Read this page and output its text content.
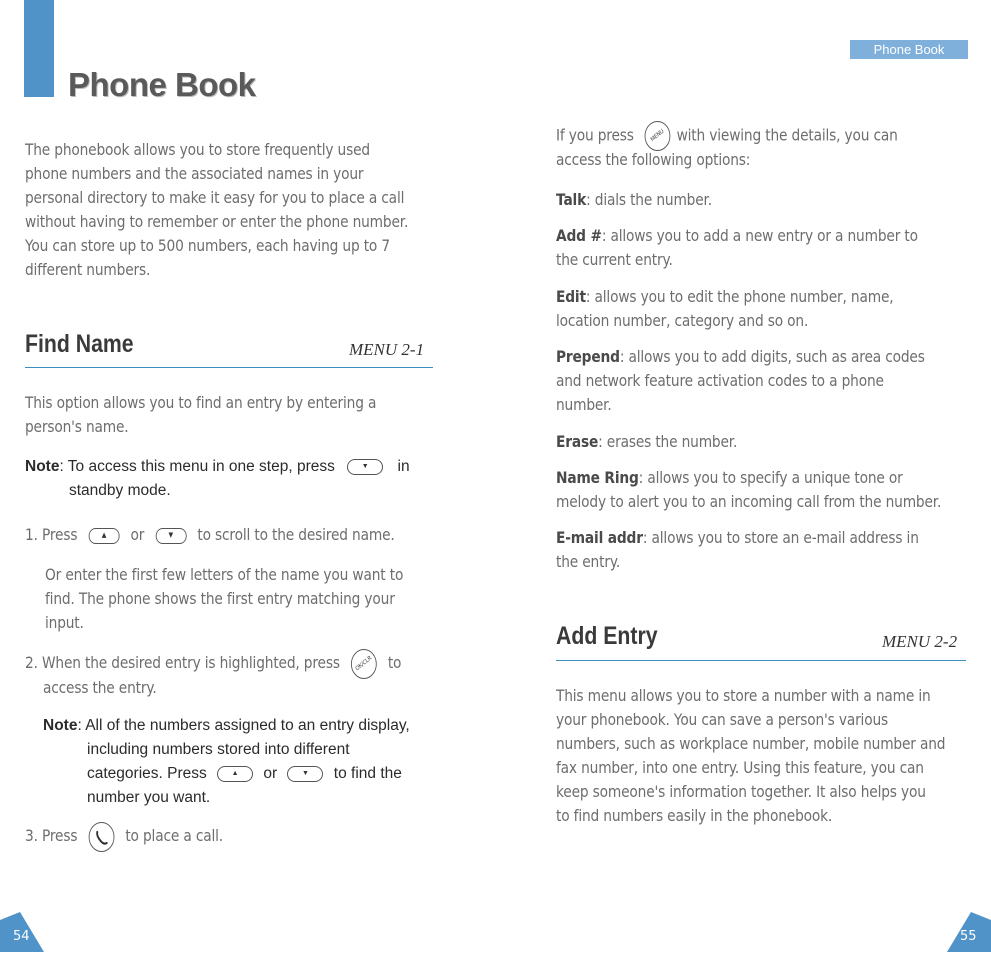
Phone Book
The phonebook allows you to store frequently used
phone numbers and the associated names in your
personal directory to make it easy for you to place a call
without having to remember or enter the phone number.
You can store up to 500 numbers, each having up to 7
different numbers.
Find Name	MENU 2-1
This option allows you to find an entry by entering a
person's name.
Note: To access this menu in one step, press	▼ in
standby mode.
1. Press	▲ or	▼ to scroll to the desired name.
Or enter the first few letters of the name you want to
find. The phone shows the first entry matching your
input.
2. When the desired entry is highlighted, press	OK/CLR to
access the entry.
Note: All of the numbers assigned to an entry display,
including numbers stored into different
categories. Press	▲ or	▼ to find the
number you want.
3. Press	to place a call.
54
Phone Book
If you press	MENU with viewing the details, you can
access the following options:
Talk: dials the number.
Add #: allows you to add a new entry or a number to
the current entry.
Edit: allows you to edit the phone number, name,
location number, category and so on.
Prepend: allows you to add digits, such as area codes
and network feature activation codes to a phone
number.
Erase: erases the number.
Name Ring: allows you to specify a unique tone or
melody to alert you to an incoming call from the number.
E-mail addr: allows you to store an e-mail address in
the entry.
Add Entry	MENU 2-2
This menu allows you to store a number with a name in
your phonebook. You can save a person's various
numbers, such as workplace number, mobile number and
fax number, into one entry. Using this feature, you can
keep someone's information together. It also helps you
to find numbers easily in the phonebook.
55
